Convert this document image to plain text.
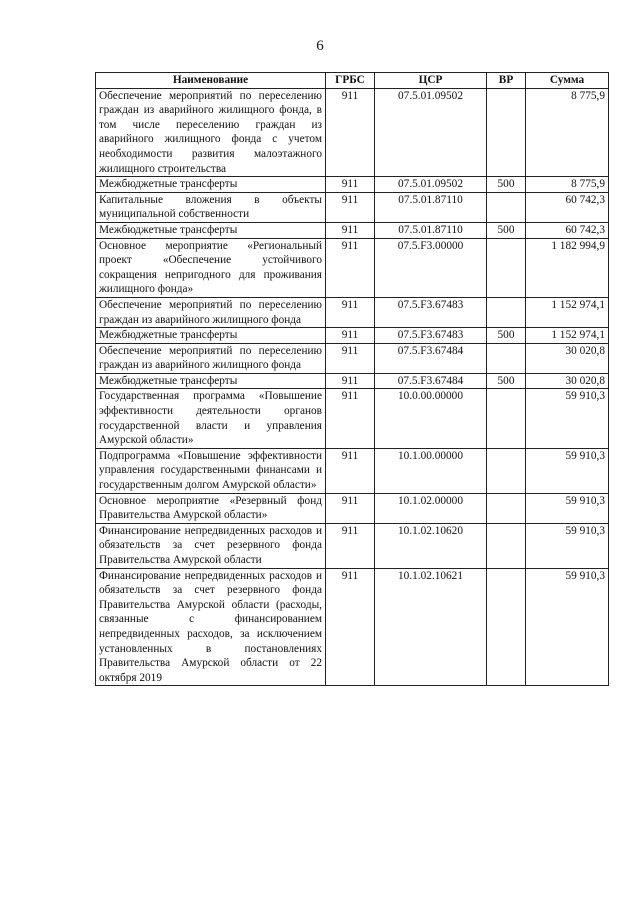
6
Наименование	ГРБС	ЦСР	ВР	Сумма
Обеспечение мероприятий по переселению граждан из аварийного жилищного фонда, в том числе переселению граждан из аварийного жилищного фонда с учетом необходимости развития малоэтажного жилищного строительства	911	07.5.01.09502		8 775,9
Межбюджетные трансферты	911	07.5.01.09502	500	8 775,9
Капитальные вложения в объекты муниципальной собственности	911	07.5.01.87110		60 742,3
Межбюджетные трансферты	911	07.5.01.87110	500	60 742,3
Основное мероприятие «Региональный проект «Обеспечение устойчивого сокращения непригодного для проживания жилищного фонда»	911	07.5.F3.00000		1 182 994,9
Обеспечение мероприятий по переселению граждан из аварийного жилищного фонда	911	07.5.F3.67483		1 152 974,1
Межбюджетные трансферты	911	07.5.F3.67483	500	1 152 974,1
Обеспечение мероприятий по переселению граждан из аварийного жилищного фонда	911	07.5.F3.67484		30 020,8
Межбюджетные трансферты	911	07.5.F3.67484	500	30 020,8
Государственная программа «Повышение эффективности деятельности органов государственной власти и управления Амурской области»	911	10.0.00.00000		59 910,3
Подпрограмма «Повышение эффективности управления государственными финансами и государственным долгом Амурской области»	911	10.1.00.00000		59 910,3
Основное мероприятие «Резервный фонд Правительства Амурской области»	911	10.1.02.00000		59 910,3
Финансирование непредвиденных расходов и обязательств за счет резервного фонда Правительства Амурской области	911	10.1.02.10620		59 910,3
Финансирование непредвиденных расходов и обязательств за счет резервного фонда Правительства Амурской области (расходы, связанные с финансированием непредвиденных расходов, за исключением установленных в постановлениях Правительства Амурской области от 22 октября 2019	911	10.1.02.10621		59 910,3
